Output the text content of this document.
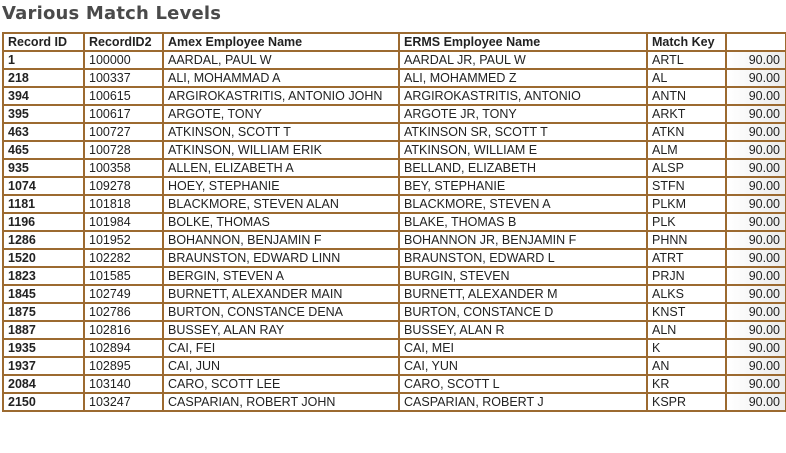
Various Match Levels
Record ID	RecordID2	Amex Employee Name	ERMS Employee Name	Match Key	
1	100000	AARDAL, PAUL W	AARDAL JR, PAUL W	ARTL	90.00
218	100337	ALI, MOHAMMAD A	ALI, MOHAMMED Z	AL	90.00
394	100615	ARGIROKASTRITIS, ANTONIO JOHN	ARGIROKASTRITIS, ANTONIO	ANTN	90.00
395	100617	ARGOTE, TONY	ARGOTE JR, TONY	ARKT	90.00
463	100727	ATKINSON, SCOTT T	ATKINSON SR, SCOTT T	ATKN	90.00
465	100728	ATKINSON, WILLIAM ERIK	ATKINSON, WILLIAM E	ALM	90.00
935	100358	ALLEN, ELIZABETH A	BELLAND, ELIZABETH	ALSP	90.00
1074	109278	HOEY, STEPHANIE	BEY, STEPHANIE	STFN	90.00
1181	101818	BLACKMORE, STEVEN ALAN	BLACKMORE, STEVEN A	PLKM	90.00
1196	101984	BOLKE, THOMAS	BLAKE, THOMAS B	PLK	90.00
1286	101952	BOHANNON, BENJAMIN F	BOHANNON JR, BENJAMIN F	PHNN	90.00
1520	102282	BRAUNSTON, EDWARD LINN	BRAUNSTON, EDWARD L	ATRT	90.00
1823	101585	BERGIN, STEVEN A	BURGIN, STEVEN	PRJN	90.00
1845	102749	BURNETT, ALEXANDER MAIN	BURNETT, ALEXANDER M	ALKS	90.00
1875	102786	BURTON, CONSTANCE DENA	BURTON, CONSTANCE D	KNST	90.00
1887	102816	BUSSEY, ALAN RAY	BUSSEY, ALAN R	ALN	90.00
1935	102894	CAI, FEI	CAI, MEI	K	90.00
1937	102895	CAI, JUN	CAI, YUN	AN	90.00
2084	103140	CARO, SCOTT LEE	CARO, SCOTT L	KR	90.00
2150	103247	CASPARIAN, ROBERT JOHN	CASPARIAN, ROBERT J	KSPR	90.00
